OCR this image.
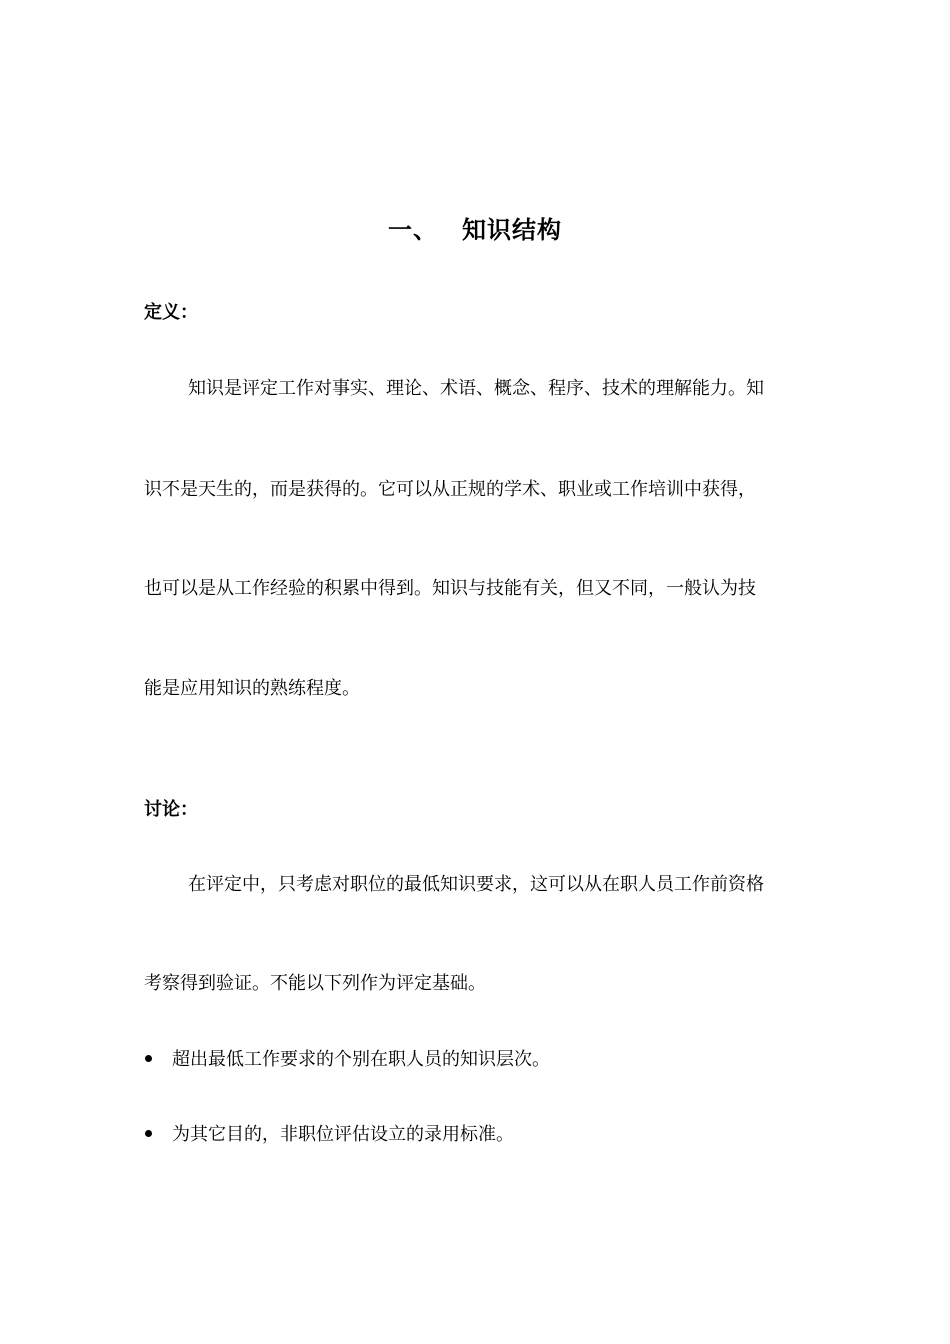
一、 知识结构
定义：
知识是评定工作对事实、理论、术语、概念、程序、技术的理解能力。知
识不是天生的，而是获得的。它可以从正规的学术、职业或工作培训中获得，
也可以是从工作经验的积累中得到。知识与技能有关，但又不同，一般认为技
能是应用知识的熟练程度。
讨论：
在评定中，只考虑对职位的最低知识要求，这可以从在职人员工作前资格
考察得到验证。不能以下列作为评定基础。
超出最低工作要求的个别在职人员的知识层次。
为其它目的，非职位评估设立的录用标准。
